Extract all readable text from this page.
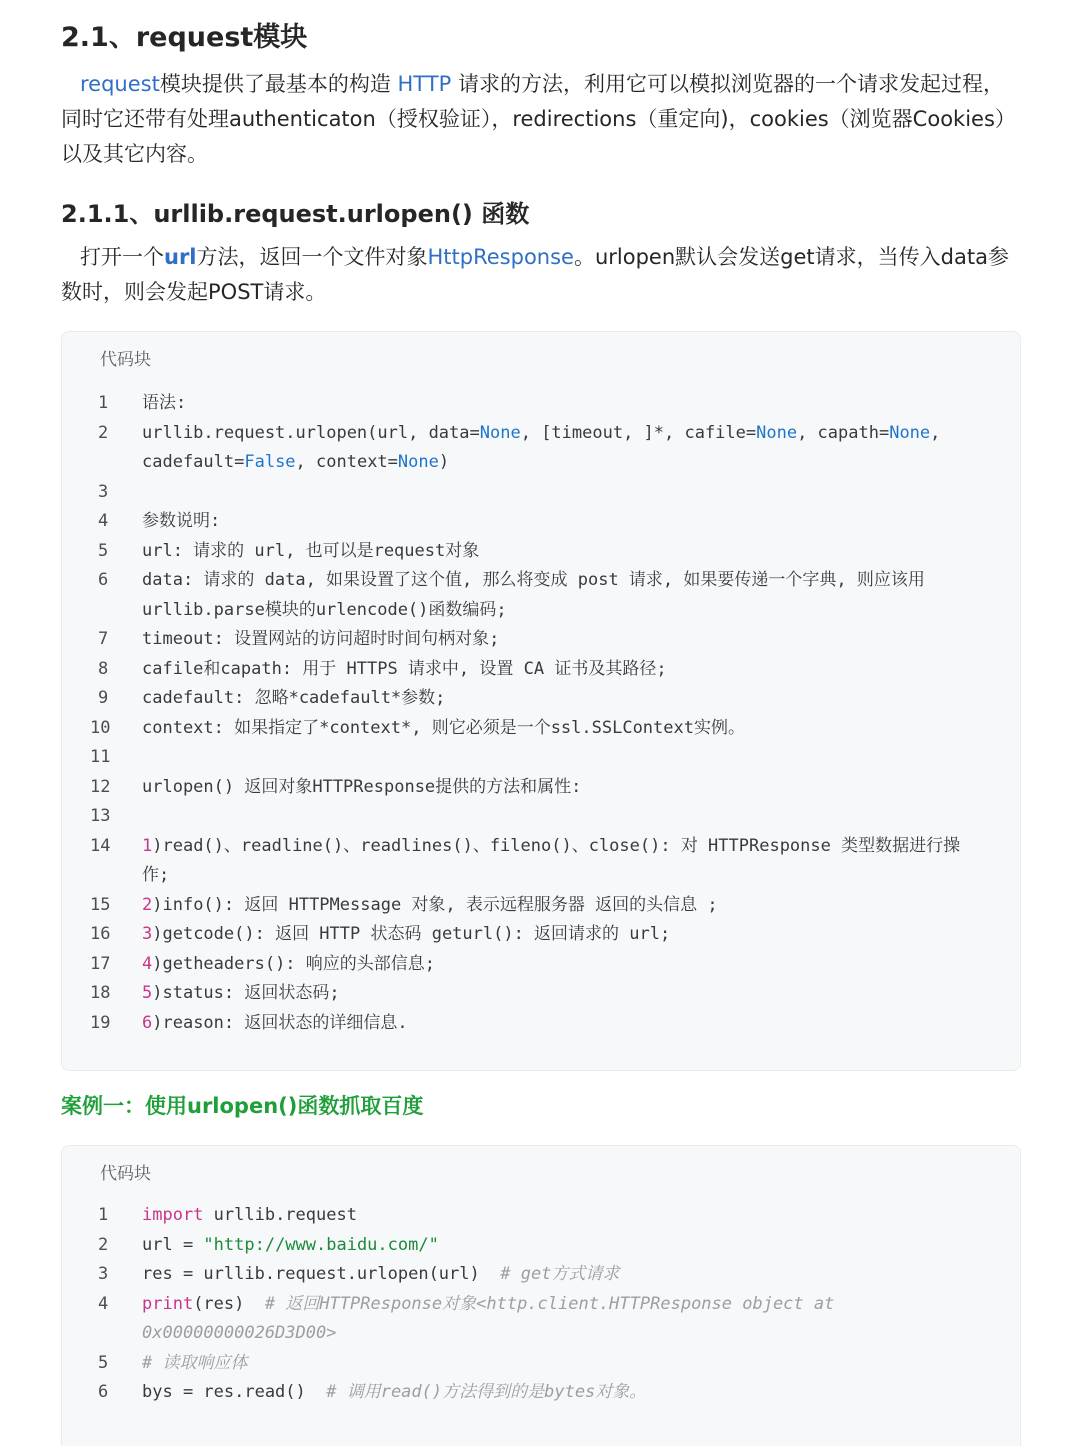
2.1、request模块

request模块提供了最基本的构造 HTTP 请求的方法，利用它可以模拟浏览器的一个请求发起过程，同时它还带有处理authenticaton（授权验证），redirections（重定向)，cookies（浏览器Cookies）以及其它内容。

2.1.1、urllib.request.urlopen() 函数

打开一个url方法，返回一个文件对象HttpResponse。urlopen默认会发送get请求，当传入data参数时，则会发起POST请求。

代码块
1	语法:
2	urllib.request.urlopen(url, data=None, [timeout, ]*, cafile=None, capath=None, cadefault=False, context=None)
3
4	参数说明:
5	url: 请求的 url, 也可以是request对象
6	data: 请求的 data, 如果设置了这个值, 那么将变成 post 请求, 如果要传递一个字典, 则应该用urllib.parse模块的urlencode()函数编码;
7	timeout: 设置网站的访问超时时间句柄对象;
8	cafile和capath: 用于 HTTPS 请求中, 设置 CA 证书及其路径;
9	cadefault: 忽略*cadefault*参数;
10	context: 如果指定了*context*, 则它必须是一个ssl.SSLContext实例。
11
12	urlopen() 返回对象HTTPResponse提供的方法和属性:
13
14	1)read()、readline()、readlines()、fileno()、close(): 对 HTTPResponse 类型数据进行操作;
15	2)info(): 返回 HTTPMessage 对象, 表示远程服务器 返回的头信息 ;
16	3)getcode(): 返回 HTTP 状态码 geturl(): 返回请求的 url;
17	4)getheaders(): 响应的头部信息;
18	5)status: 返回状态码;
19	6)reason: 返回状态的详细信息.
案例一：使用urlopen()函数抓取百度
代码块
1	import urllib.request
2	url = "http://www.baidu.com/"
3	res = urllib.request.urlopen(url)  # get方式请求
4	print(res)  # 返回HTTPResponse对象<http.client.HTTPResponse object at 0x00000000026D3D00>
5	# 读取响应体
6	bys = res.read()  # 调用read()方法得到的是bytes对象。
